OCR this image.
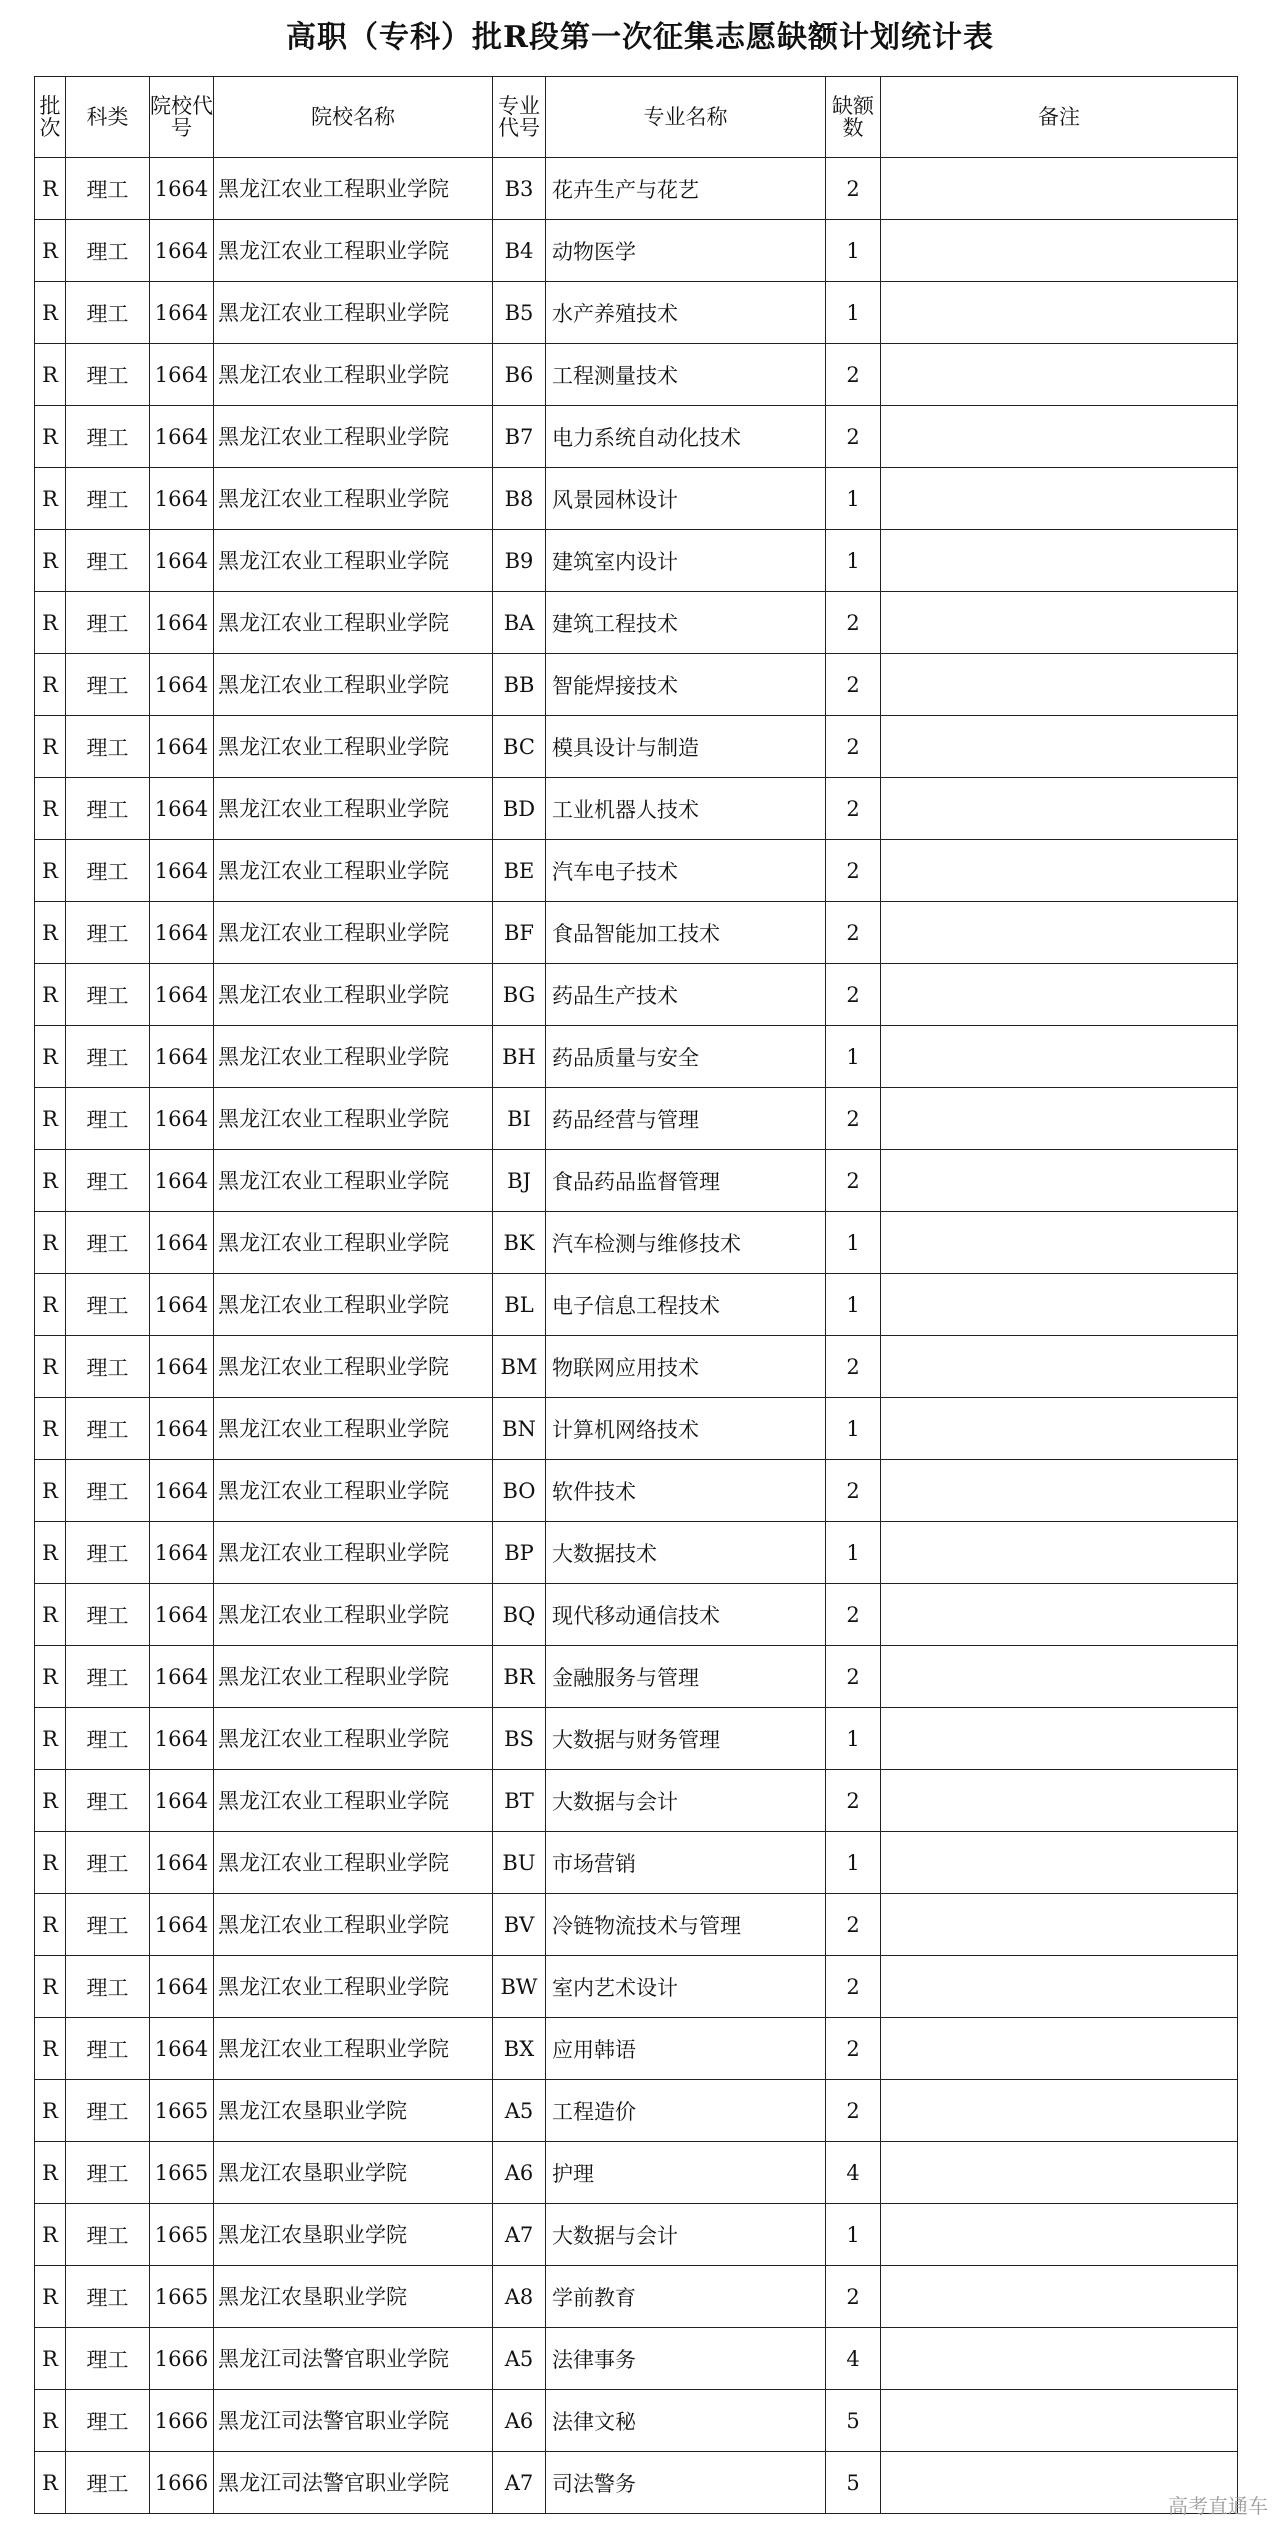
高职（专科）批R段第一次征集志愿缺额计划统计表
批次	科类	院校代号	院校名称	专业代号	专业名称	缺额数	备注
R	理工	1664	黑龙江农业工程职业学院	B3	花卉生产与花艺	2	
R	理工	1664	黑龙江农业工程职业学院	B4	动物医学	1	
R	理工	1664	黑龙江农业工程职业学院	B5	水产养殖技术	1	
R	理工	1664	黑龙江农业工程职业学院	B6	工程测量技术	2	
R	理工	1664	黑龙江农业工程职业学院	B7	电力系统自动化技术	2	
R	理工	1664	黑龙江农业工程职业学院	B8	风景园林设计	1	
R	理工	1664	黑龙江农业工程职业学院	B9	建筑室内设计	1	
R	理工	1664	黑龙江农业工程职业学院	BA	建筑工程技术	2	
R	理工	1664	黑龙江农业工程职业学院	BB	智能焊接技术	2	
R	理工	1664	黑龙江农业工程职业学院	BC	模具设计与制造	2	
R	理工	1664	黑龙江农业工程职业学院	BD	工业机器人技术	2	
R	理工	1664	黑龙江农业工程职业学院	BE	汽车电子技术	2	
R	理工	1664	黑龙江农业工程职业学院	BF	食品智能加工技术	2	
R	理工	1664	黑龙江农业工程职业学院	BG	药品生产技术	2	
R	理工	1664	黑龙江农业工程职业学院	BH	药品质量与安全	1	
R	理工	1664	黑龙江农业工程职业学院	BI	药品经营与管理	2	
R	理工	1664	黑龙江农业工程职业学院	BJ	食品药品监督管理	2	
R	理工	1664	黑龙江农业工程职业学院	BK	汽车检测与维修技术	1	
R	理工	1664	黑龙江农业工程职业学院	BL	电子信息工程技术	1	
R	理工	1664	黑龙江农业工程职业学院	BM	物联网应用技术	2	
R	理工	1664	黑龙江农业工程职业学院	BN	计算机网络技术	1	
R	理工	1664	黑龙江农业工程职业学院	BO	软件技术	2	
R	理工	1664	黑龙江农业工程职业学院	BP	大数据技术	1	
R	理工	1664	黑龙江农业工程职业学院	BQ	现代移动通信技术	2	
R	理工	1664	黑龙江农业工程职业学院	BR	金融服务与管理	2	
R	理工	1664	黑龙江农业工程职业学院	BS	大数据与财务管理	1	
R	理工	1664	黑龙江农业工程职业学院	BT	大数据与会计	2	
R	理工	1664	黑龙江农业工程职业学院	BU	市场营销	1	
R	理工	1664	黑龙江农业工程职业学院	BV	冷链物流技术与管理	2	
R	理工	1664	黑龙江农业工程职业学院	BW	室内艺术设计	2	
R	理工	1664	黑龙江农业工程职业学院	BX	应用韩语	2	
R	理工	1665	黑龙江农垦职业学院	A5	工程造价	2	
R	理工	1665	黑龙江农垦职业学院	A6	护理	4	
R	理工	1665	黑龙江农垦职业学院	A7	大数据与会计	1	
R	理工	1665	黑龙江农垦职业学院	A8	学前教育	2	
R	理工	1666	黑龙江司法警官职业学院	A5	法律事务	4	
R	理工	1666	黑龙江司法警官职业学院	A6	法律文秘	5	
R	理工	1666	黑龙江司法警官职业学院	A7	司法警务	5	
高考直通车
